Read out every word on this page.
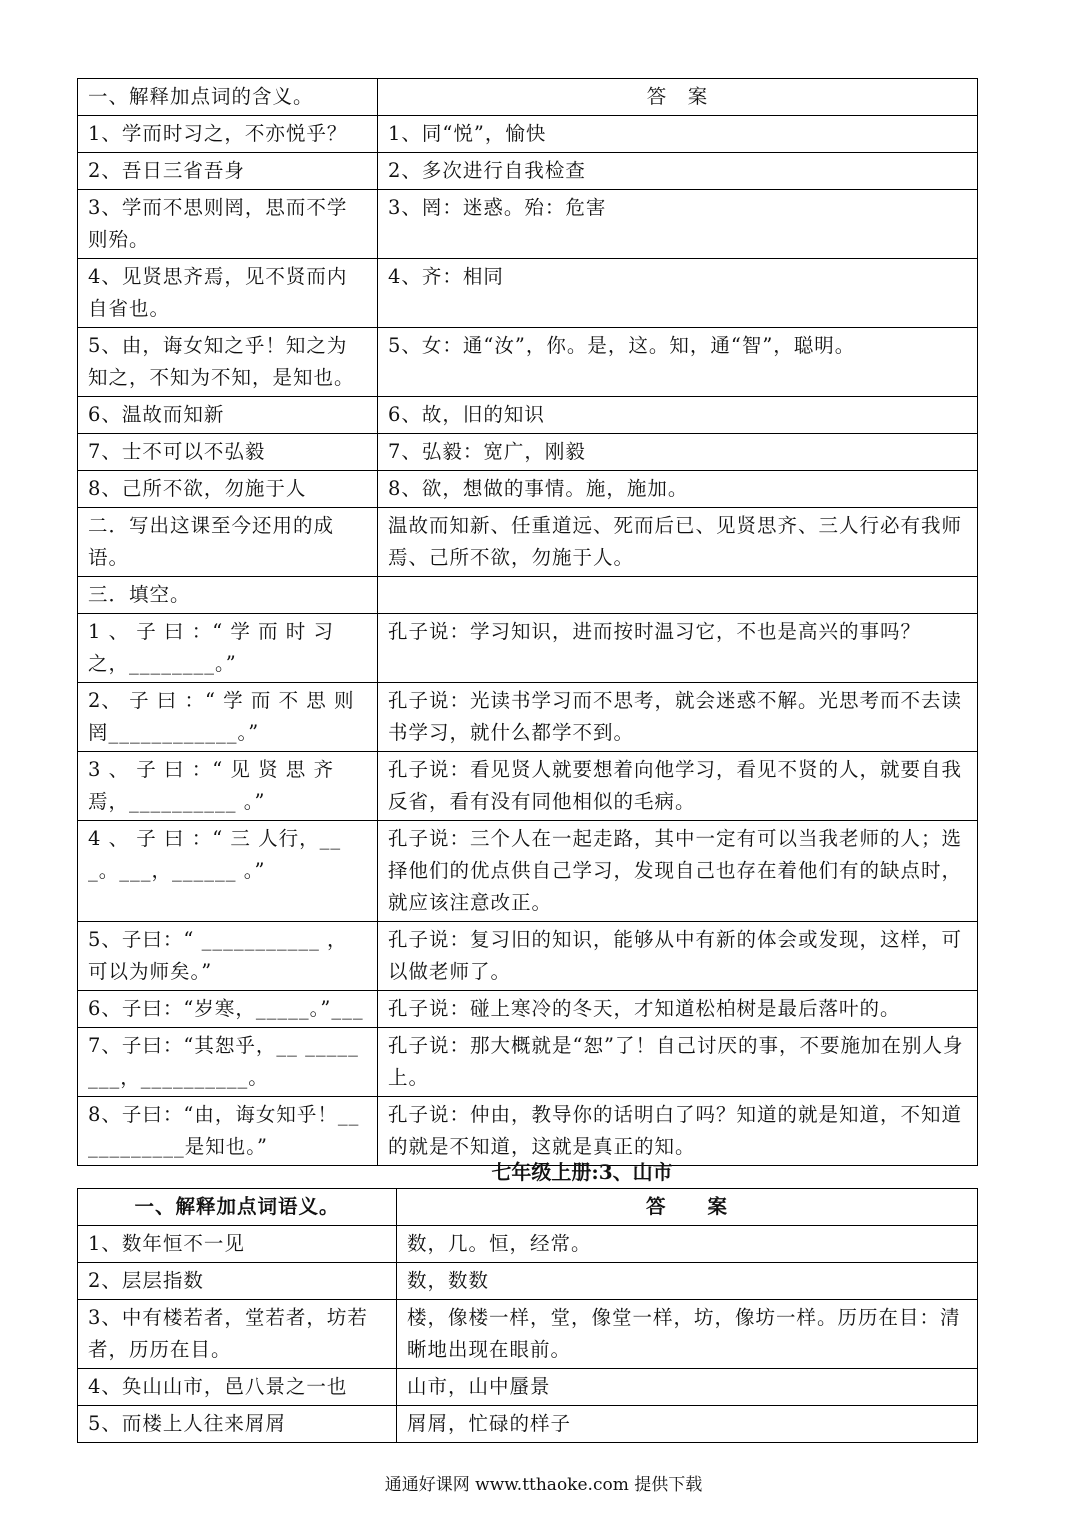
一、解释加点词的含义。	答　案
1、学而时习之，不亦悦乎？	1、同“悦”，愉快
2、吾日三省吾身	2、多次进行自我检查
3、学而不思则罔，思而不学则殆。	3、罔：迷惑。殆：危害
4、见贤思齐焉，见不贤而内自省也。	4、齐：相同
5、由，诲女知之乎！知之为知之，不知为不知，是知也。	5、女：通“汝”，你。是，这。知，通“智”，聪明。
6、温故而知新	6、故，旧的知识
7、士不可以不弘毅	7、弘毅：宽广，刚毅
8、己所不欲，勿施于人	8、欲，想做的事情。施，施加。
二．写出这课至今还用的成语。	温故而知新、任重道远、死而后已、见贤思齐、三人行必有我师焉、己所不欲，勿施于人。
三．填空。	
1 、 子 曰 ：“ 学 而 时 习之，________。”	孔子说：学习知识，进而按时温习它，不也是高兴的事吗？
2、 子 曰 ：“ 学 而 不 思 则罔____________。”	孔子说：光读书学习而不思考，就会迷惑不解。光思考而不去读书学习，就什么都学不到。
3 、 子 曰 ：“ 见 贤 思 齐焉，__________ 。”	孔子说：看见贤人就要想着向他学习，看见不贤的人，就要自我反省，看有没有同他相似的毛病。
4 、 子 曰 ：“ 三 人行，___。___，______ 。”	孔子说：三个人在一起走路，其中一定有可以当我老师的人；选择他们的优点供自己学习，发现自己也存在着他们有的缺点时，就应该注意改正。
5、子曰：“ ___________ ，可以为师矣。”	孔子说：复习旧的知识，能够从中有新的体会或发现，这样，可以做老师了。
6、子曰：“岁寒，_____。”___	孔子说：碰上寒冷的冬天，才知道松柏树是最后落叶的。
7、子曰：“其恕乎，__ ________，__________。	孔子说：那大概就是“恕”了！自己讨厌的事，不要施加在别人身上。
8、子曰：“由，诲女知乎！___________是知也。”	孔子说：仲由，教导你的话明白了吗？知道的就是知道，不知道的就是不知道，这就是真正的知。
七年级上册:3、山市
一、解释加点词语义。	答　　案
1、数年恒不一见	数，几。恒，经常。
2、层层指数	数，数数
3、中有楼若者，堂若者，坊若者，历历在目。	楼，像楼一样，堂，像堂一样，坊，像坊一样。历历在目：清晰地出现在眼前。
4、奂山山市，邑八景之一也	山市，山中蜃景
5、而楼上人往来屑屑	屑屑，忙碌的样子
通通好课网 www.tthaoke.com 提供下载
